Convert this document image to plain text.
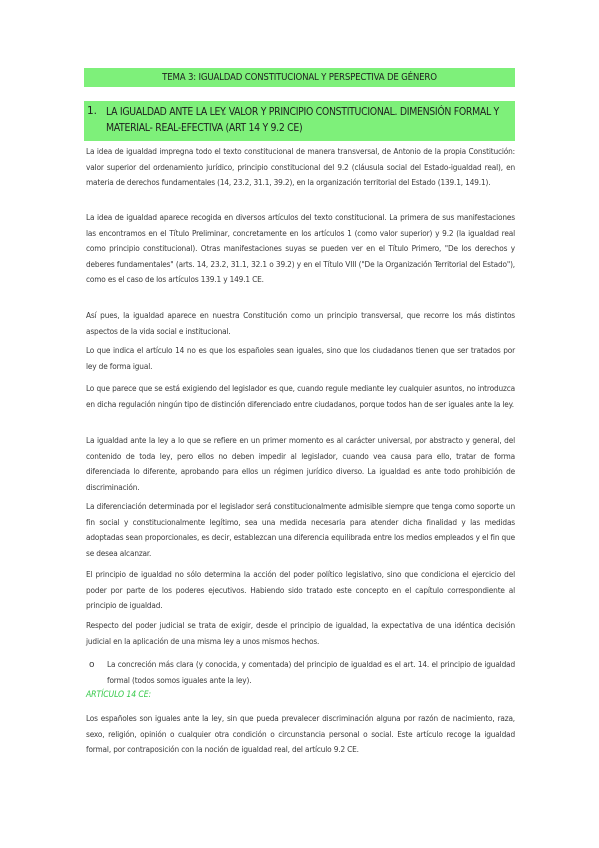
TEMA 3: IGUALDAD CONSTITUCIONAL Y PERSPECTIVA DE GÉNERO
1. LA IGUALDAD ANTE LA LEY. VALOR Y PRINCIPIO CONSTITUCIONAL. DIMENSIÓN FORMAL Y MATERIAL- REAL-EFECTIVA (ART 14 Y 9.2 CE)

La idea de igualdad impregna todo el texto constitucional de manera transversal, de Antonio de la propia Constitución: valor superior del ordenamiento jurídico, principio constitucional del 9.2 (cláusula social del Estado-igualdad real), en materia de derechos fundamentales (14, 23.2, 31.1, 39.2), en la organización territorial del Estado (139.1, 149.1).

La idea de igualdad aparece recogida en diversos artículos del texto constitucional. La primera de sus manifestaciones las encontramos en el Título Preliminar, concretamente en los artículos 1 (como valor superior) y 9.2 (la igualdad real como principio constitucional). Otras manifestaciones suyas se pueden ver en el Título Primero, "De los derechos y deberes fundamentales" (arts. 14, 23.2, 31.1, 32.1 o 39.2) y en el Título VIII ("De la Organización Territorial del Estado"), como es el caso de los artículos 139.1 y 149.1 CE.

Así pues, la igualdad aparece en nuestra Constitución como un principio transversal, que recorre los más distintos aspectos de la vida social e institucional.

Lo que indica el artículo 14 no es que los españoles sean iguales, sino que los ciudadanos tienen que ser tratados por ley de forma igual.

Lo que parece que se está exigiendo del legislador es que, cuando regule mediante ley cualquier asuntos, no introduzca en dicha regulación ningún tipo de distinción diferenciado entre ciudadanos, porque todos han de ser iguales ante la ley.

La igualdad ante la ley a lo que se refiere en un primer momento es al carácter universal, por abstracto y general, del contenido de toda ley, pero ellos no deben impedir al legislador, cuando vea causa para ello, tratar de forma diferenciada lo diferente, aprobando para ellos un régimen jurídico diverso. La igualdad es ante todo prohibición de discriminación.

La diferenciación determinada por el legislador será constitucionalmente admisible siempre que tenga como soporte un fin social y constitucionalmente legítimo, sea una medida necesaria para atender dicha finalidad y las medidas adoptadas sean proporcionales, es decir, establezcan una diferencia equilibrada entre los medios empleados y el fin que se desea alcanzar.

El principio de igualdad no sólo determina la acción del poder político legislativo, sino que condiciona el ejercicio del poder por parte de los poderes ejecutivos. Habiendo sido tratado este concepto en el capítulo correspondiente al principio de igualdad.

Respecto del poder judicial se trata de exigir, desde el principio de igualdad, la expectativa de una idéntica decisión judicial en la aplicación de una misma ley a unos mismos hechos.

o La concreción más clara (y conocida, y comentada) del principio de igualdad es el art. 14. el principio de igualdad formal (todos somos iguales ante la ley).

ARTÍCULO 14 CE:

Los españoles son iguales ante la ley, sin que pueda prevalecer discriminación alguna por razón de nacimiento, raza, sexo, religión, opinión o cualquier otra condición o circunstancia personal o social. Este artículo recoge la igualdad formal, por contraposición con la noción de igualdad real, del artículo 9.2 CE.
